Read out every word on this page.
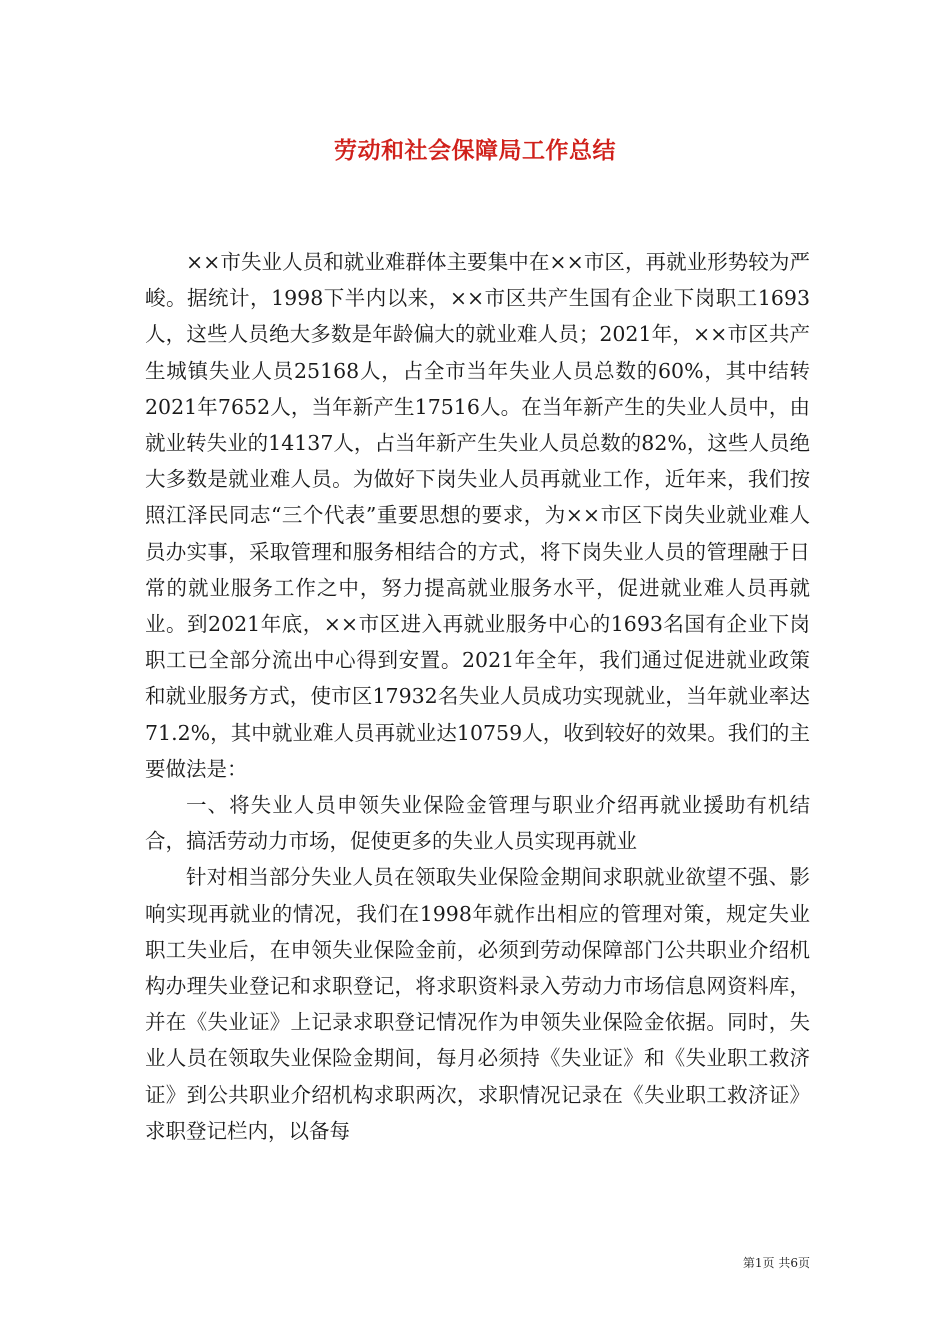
劳动和社会保障局工作总结

××市失业人员和就业难群体主要集中在××市区，再就业形势较为严峻。据统计，1998下半内以来，××市区共产生国有企业下岗职工1693人，这些人员绝大多数是年龄偏大的就业难人员；2021年，××市区共产生城镇失业人员25168人，占全市当年失业人员总数的60%，其中结转2021年7652人，当年新产生17516人。在当年新产生的失业人员中，由就业转失业的14137人，占当年新产生失业人员总数的82%，这些人员绝大多数是就业难人员。为做好下岗失业人员再就业工作，近年来，我们按照江泽民同志“三个代表”重要思想的要求，为××市区下岗失业就业难人员办实事，采取管理和服务相结合的方式，将下岗失业人员的管理融于日常的就业服务工作之中，努力提高就业服务水平，促进就业难人员再就业。到2021年底，××市区进入再就业服务中心的1693名国有企业下岗职工已全部分流出中心得到安置。2021年全年，我们通过促进就业政策和就业服务方式，使市区17932名失业人员成功实现就业，当年就业率达71.2%，其中就业难人员再就业达10759人，收到较好的效果。我们的主要做法是：

一、将失业人员申领失业保险金管理与职业介绍再就业援助有机结合，搞活劳动力市场，促使更多的失业人员实现再就业

针对相当部分失业人员在领取失业保险金期间求职就业欲望不强、影响实现再就业的情况，我们在1998年就作出相应的管理对策，规定失业职工失业后，在申领失业保险金前，必须到劳动保障部门公共职业介绍机构办理失业登记和求职登记，将求职资料录入劳动力市场信息网资料库，并在《失业证》上记录求职登记情况作为申领失业保险金依据。同时，失业人员在领取失业保险金期间，每月必须持《失业证》和《失业职工救济证》到公共职业介绍机构求职两次，求职情况记录在《失业职工救济证》求职登记栏内，以备每

第1页 共6页
